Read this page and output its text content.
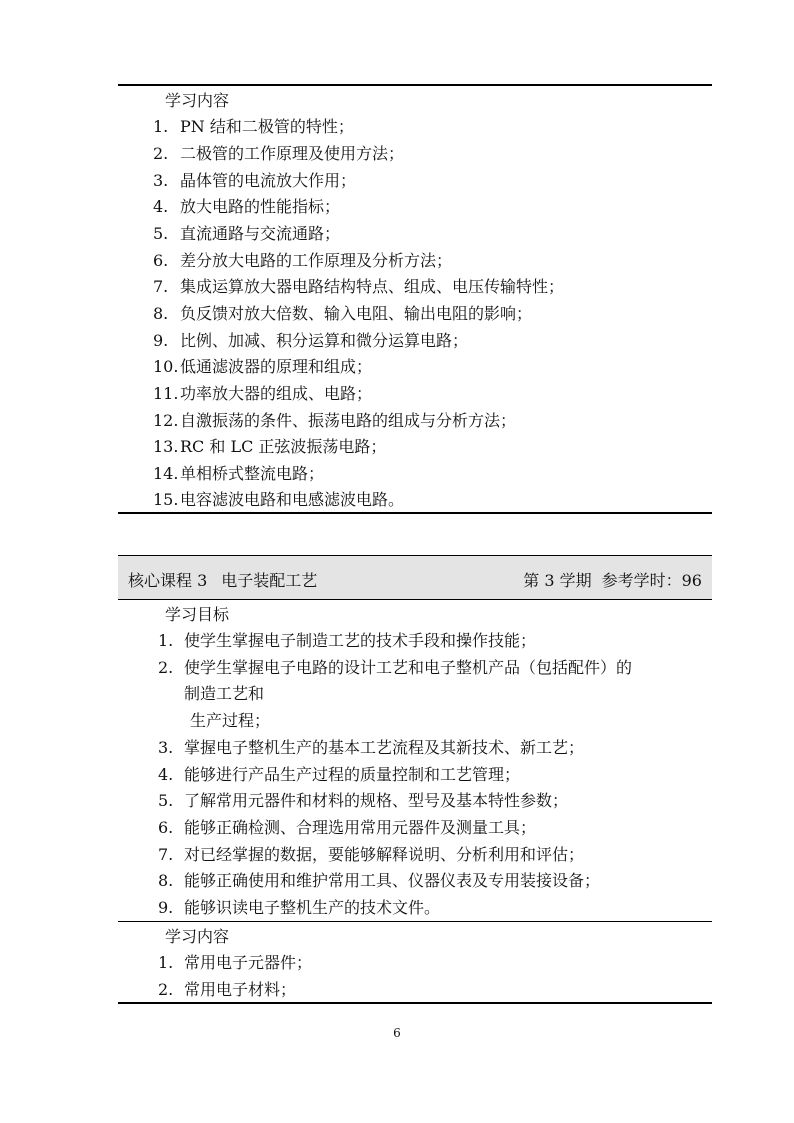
学习内容
1. PN 结和二极管的特性；
2. 二极管的工作原理及使用方法；
3. 晶体管的电流放大作用；
4. 放大电路的性能指标；
5. 直流通路与交流通路；
6. 差分放大电路的工作原理及分析方法；
7. 集成运算放大器电路结构特点、组成、电压传输特性；
8. 负反馈对放大倍数、输入电阻、输出电阻的影响；
9. 比例、加减、积分运算和微分运算电路；
10.低通滤波器的原理和组成；
11.功率放大器的组成、电路；
12.自激振荡的条件、振荡电路的组成与分析方法；
13.RC 和 LC 正弦波振荡电路；
14.单相桥式整流电路；
15.电容滤波电路和电感滤波电路。
核心课程 3 电子装配工艺	第 3 学期 参考学时：96
学习目标
1. 使学生掌握电子制造工艺的技术手段和操作技能；
2. 使学生掌握电子电路的设计工艺和电子整机产品（包括配件）的
制造工艺和
生产过程；
3. 掌握电子整机生产的基本工艺流程及其新技术、新工艺；
4. 能够进行产品生产过程的质量控制和工艺管理；
5. 了解常用元器件和材料的规格、型号及基本特性参数；
6. 能够正确检测、合理选用常用元器件及测量工具；
7. 对已经掌握的数据，要能够解释说明、分析利用和评估；
8. 能够正确使用和维护常用工具、仪器仪表及专用装接设备；
9. 能够识读电子整机生产的技术文件。
学习内容
1. 常用电子元器件；
2. 常用电子材料；
6
